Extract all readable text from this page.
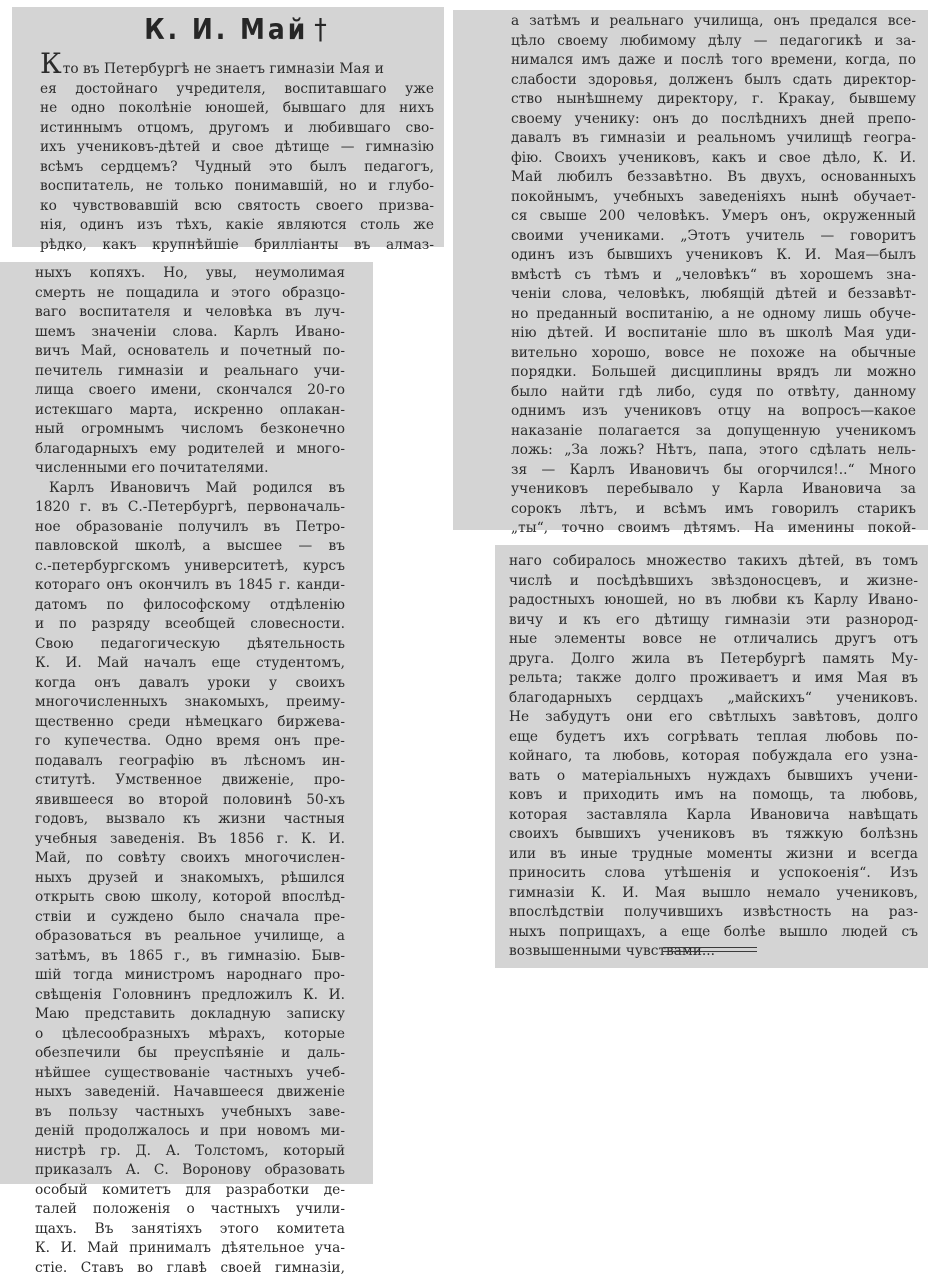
К. И. Май †
Кто въ Петербургѣ не знаетъ гимназіи Мая и
ея достойнаго учредителя, воспитавшаго уже
не одно поколѣніе юношей, бывшаго для нихъ
истиннымъ отцомъ, другомъ и любившаго сво-
ихъ учениковъ-дѣтей и свое дѣтище — гимназію
всѣмъ сердцемъ? Чудный это былъ педагогъ,
воспитатель, не только понимавшій, но и глубо-
ко чувствовавшій всю святость своего призва-
нія, одинъ изъ тѣхъ, какіе являются столь же
рѣдко, какъ крупнѣйшіе брилліанты въ алмаз-
а затѣмъ и реальнаго училища, онъ предался все-
цѣло своему любимому дѣлу — педагогикѣ и за-
нимался имъ даже и послѣ того времени, когда, по
слабости здоровья, долженъ былъ сдать директор-
ство нынѣшнему директору, г. Кракау, бывшему
своему ученику: онъ до послѣднихъ дней препо-
давалъ въ гимназіи и реальномъ училищѣ геогра-
фію. Своихъ учениковъ, какъ и свое дѣло, К. И.
Май любилъ беззавѣтно. Въ двухъ, основанныхъ
покойнымъ, учебныхъ заведеніяхъ нынѣ обучает-
ся свыше 200 человѣкъ. Умеръ онъ, окруженный
своими учениками. „Этотъ учитель — говоритъ
одинъ изъ бывшихъ учениковъ К. И. Мая—былъ
вмѣстѣ съ тѣмъ и „человѣкъ“ въ хорошемъ зна-
ченіи слова, человѣкъ, любящій дѣтей и беззавѣт-
но преданный воспитанію, а не одному лишь обуче-
нію дѣтей. И воспитаніе шло въ школѣ Мая уди-
вительно хорошо, вовсе не похоже на обычные
порядки. Большей дисциплины врядъ ли можно
было найти гдѣ либо, судя по отвѣту, данному
однимъ изъ учениковъ отцу на вопросъ—какое
наказаніе полагается за допущенную ученикомъ
ложь: „За ложь? Нѣтъ, папа, этого сдѣлать нель-
зя — Карлъ Ивановичъ бы огорчился!..“ Много
учениковъ перебывало у Карла Ивановича за
сорокъ лѣтъ, и всѣмъ имъ говорилъ старикъ
„ты“, точно своимъ дѣтямъ. На именины покой-
ныхъ копяхъ. Но, увы, неумолимая
смерть не пощадила и этого образцо-
ваго воспитателя и человѣка въ луч-
шемъ значеніи слова. Карлъ Ивано-
вичъ Май, основатель и почетный по-
печитель гимназіи и реальнаго учи-
лища своего имени, скончался 20-го
истекшаго марта, искренно оплакан-
ный огромнымъ числомъ безконечно
благодарныхъ ему родителей и много-
численными его почитателями.
Карлъ Ивановичъ Май родился въ
1820 г. въ С.-Петербургѣ, первоначаль-
ное образованіе получилъ въ Петро-
павловской школѣ, а высшее — въ
с.-петербургскомъ университетѣ, курсъ
котораго онъ окончилъ въ 1845 г. канди-
датомъ по философскому отдѣленію
и по разряду всеобщей словесности.
Свою педагогическую дѣятельность
К. И. Май началъ еще студентомъ,
когда онъ давалъ уроки у своихъ
многочисленныхъ знакомыхъ, преиму-
щественно среди нѣмецкаго биржева-
го купечества. Одно время онъ пре-
подавалъ географію въ лѣсномъ ин-
ститутѣ. Умственное движеніе, про-
явившееся во второй половинѣ 50-хъ
годовъ, вызвало къ жизни частныя
учебныя заведенія. Въ 1856 г. К. И.
Май, по совѣту своихъ многочислен-
ныхъ друзей и знакомыхъ, рѣшился
открыть свою школу, которой впослѣд-
ствіи и суждено было сначала пре-
образоваться въ реальное училище, а
затѣмъ, въ 1865 г., въ гимназію. Быв-
шій тогда министромъ народнаго про-
свѣщенія Головнинъ предложилъ К. И.
Маю представить докладную записку
о цѣлесообразныхъ мѣрахъ, которые
обезпечили бы преуспѣяніе и даль-
нѣйшее существованіе частныхъ учеб-
ныхъ заведеній. Начавшееся движеніе
въ пользу частныхъ учебныхъ заве-
деній продолжалось и при новомъ ми-
нистрѣ гр. Д. А. Толстомъ, который
приказалъ А. С. Воронову образовать
особый комитетъ для разработки де-
талей положенія о частныхъ учили-
щахъ. Въ занятіяхъ этого комитета
К. И. Май принималъ дѣятельное уча-
стіе. Ставъ во главѣ своей гимназіи,
наго собиралось множество такихъ дѣтей, въ томъ
числѣ и посѣдѣвшихъ звѣздоносцевъ, и жизне-
радостныхъ юношей, но въ любви къ Карлу Ивано-
вичу и къ его дѣтищу гимназіи эти разнород-
ные элементы вовсе не отличались другъ отъ
друга. Долго жила въ Петербургѣ память Му-
рельта; также долго проживаетъ и имя Мая въ
благодарныхъ сердцахъ „майскихъ“ учениковъ.
Не забудутъ они его свѣтлыхъ завѣтовъ, долго
еще будетъ ихъ согрѣвать теплая любовь по-
койнаго, та любовь, которая побуждала его узна-
вать о матеріальныхъ нуждахъ бывшихъ учени-
ковъ и приходить имъ на помощь, та любовь,
которая заставляла Карла Ивановича навѣщать
своихъ бывшихъ учениковъ въ тяжкую болѣзнь
или въ иные трудные моменты жизни и всегда
приносить слова утѣшенія и успокоенія“. Изъ
гимназіи К. И. Мая вышло немало учениковъ,
впослѣдствіи получившихъ извѣстность на раз-
ныхъ поприщахъ, а еще болѣе вышло людей съ
возвышенными чувствами...
